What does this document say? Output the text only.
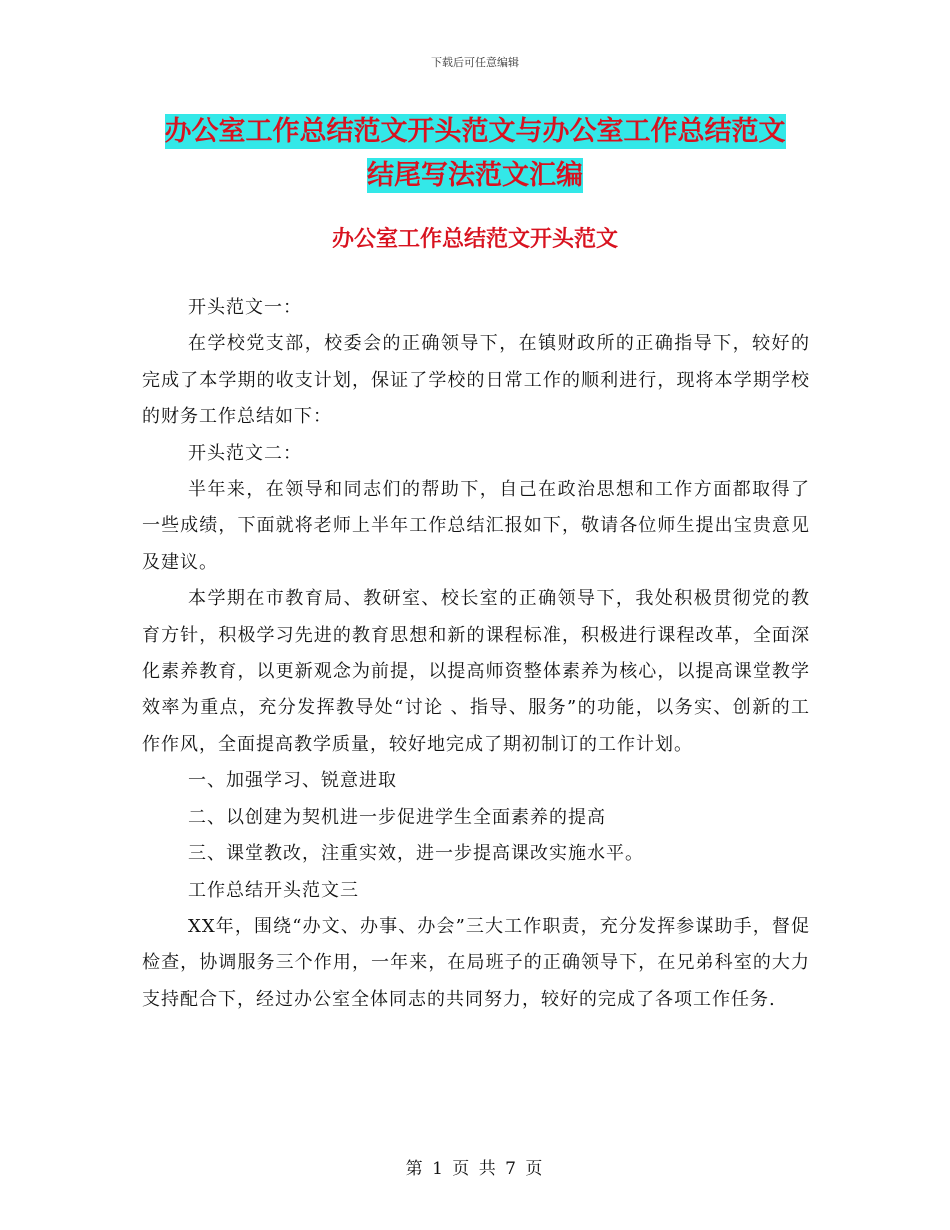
下载后可任意编辑
办公室工作总结范文开头范文与办公室工作总结范文
结尾写法范文汇编
办公室工作总结范文开头范文

开头范文一：

在学校党支部，校委会的正确领导下，在镇财政所的正确指导下，较好的完成了本学期的收支计划，保证了学校的日常工作的顺利进行，现将本学期学校的财务工作总结如下：

开头范文二：

半年来，在领导和同志们的帮助下，自己在政治思想和工作方面都取得了一些成绩，下面就将老师上半年工作总结汇报如下，敬请各位师生提出宝贵意见及建议。

本学期在市教育局、教研室、校长室的正确领导下，我处积极贯彻党的教育方针，积极学习先进的教育思想和新的课程标准，积极进行课程改革，全面深化素养教育，以更新观念为前提，以提高师资整体素养为核心，以提高课堂教学效率为重点，充分发挥教导处“讨论 、指导、服务”的功能，以务实、创新的工作作风，全面提高教学质量，较好地完成了期初制订的工作计划。

一、加强学习、锐意进取

二、以创建为契机进一步促进学生全面素养的提高

三、课堂教改，注重实效，进一步提高课改实施水平。

工作总结开头范文三

XX年，围绕“办文、办事、办会”三大工作职责，充分发挥参谋助手，督促检查，协调服务三个作用，一年来，在局班子的正确领导下，在兄弟科室的大力支持配合下，经过办公室全体同志的共同努力，较好的完成了各项工作任务.

第 1 页 共 7 页
